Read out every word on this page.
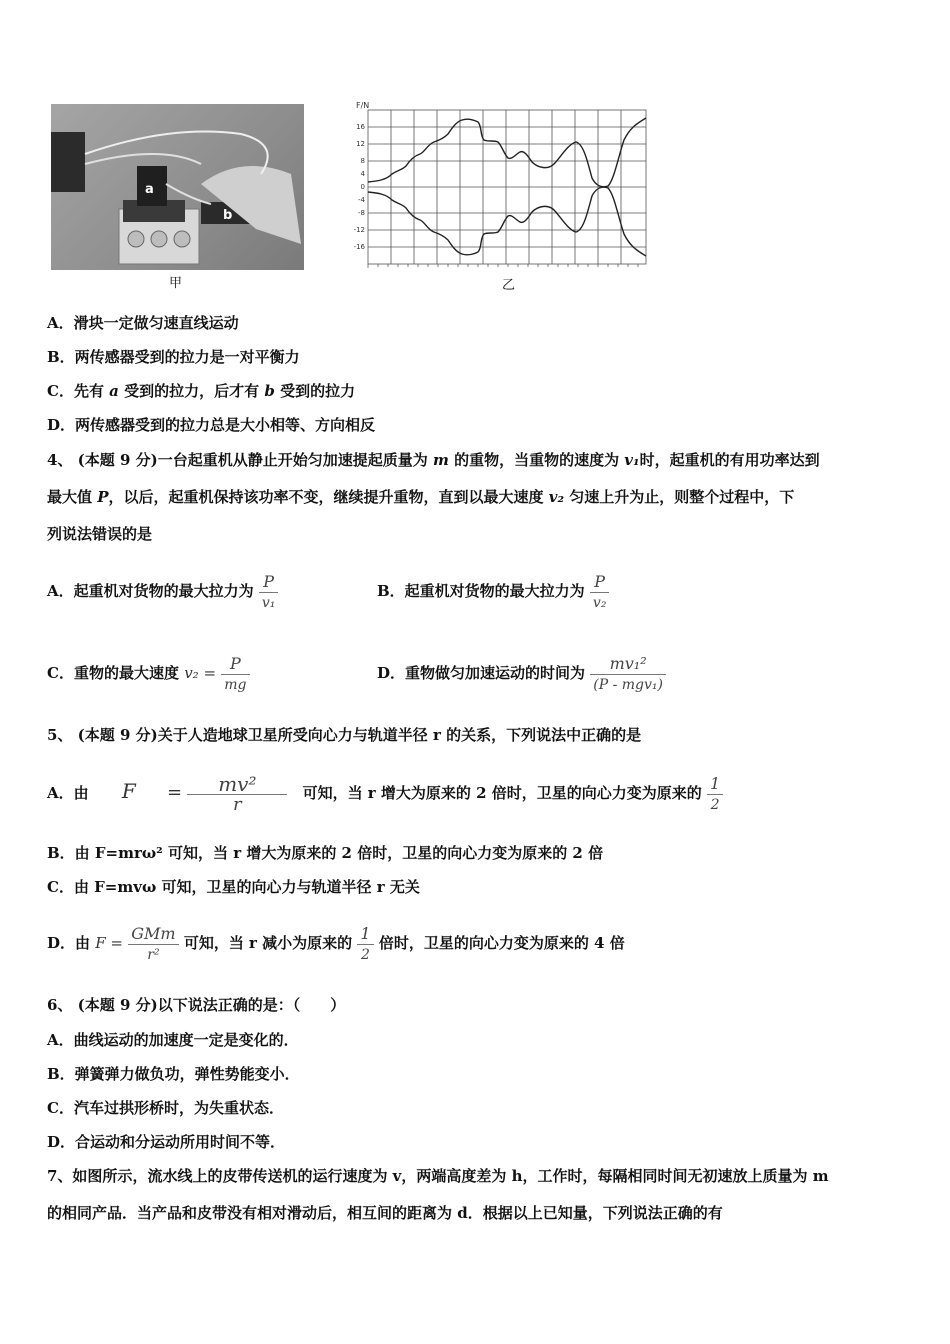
a
b
甲
F/N
16
12
8
4
0
-4
-8
-12
-16
乙
A．滑块一定做匀速直线运动
B．两传感器受到的拉力是一对平衡力
C．先有 a 受到的拉力，后才有 b 受到的拉力
D．两传感器受到的拉力总是大小相等、方向相反
4、 (本题 9 分)一台起重机从静止开始匀加速提起质量为 m 的重物，当重物的速度为 v₁时，起重机的有用功率达到
最大值 P，以后，起重机保持该功率不变，继续提升重物，直到以最大速度 v₂ 匀速上升为止，则整个过程中，下
列说法错误的是
A．起重机对货物的最大拉力为 $\frac{P}{\text{v₁}}$	B．起重机对货物的最大拉力为 $\frac{P}{\text{v₂}}$
C．重物的最大速度 $v_2 = \frac{P}{mg}$	D．重物做匀加速运动的时间为 $\frac{\text{mv₁²}}{\text{(P - mgv₁)}}$
5、 (本题 9 分)关于人造地球卫星所受向心力与轨道半径 r 的关系，下列说法中正确的是
A．由 $F = \frac{\text{mv²}}{r}$ 可知，当 r 增大为原来的 2 倍时，卫星的向心力变为原来的 $\frac{1}{2}$
B．由 F=mrω² 可知，当 r 增大为原来的 2 倍时，卫星的向心力变为原来的 2 倍
C．由 F=mvω 可知，卫星的向心力与轨道半径 r 无关
D．由 $F = \frac{\text{GMm}}{\text{r²}}$ 可知，当 r 减小为原来的 $\frac{1}{2}$ 倍时，卫星的向心力变为原来的 4 倍
6、 (本题 9 分)以下说法正确的是：（　　）
A．曲线运动的加速度一定是变化的．
B．弹簧弹力做负功，弹性势能变小．
C．汽车过拱形桥时，为失重状态．
D．合运动和分运动所用时间不等．
7、如图所示，流水线上的皮带传送机的运行速度为 v，两端高度差为 h，工作时，每隔相同时间无初速放上质量为 m
的相同产品．当产品和皮带没有相对滑动后，相互间的距离为 d．根据以上已知量，下列说法正确的有
